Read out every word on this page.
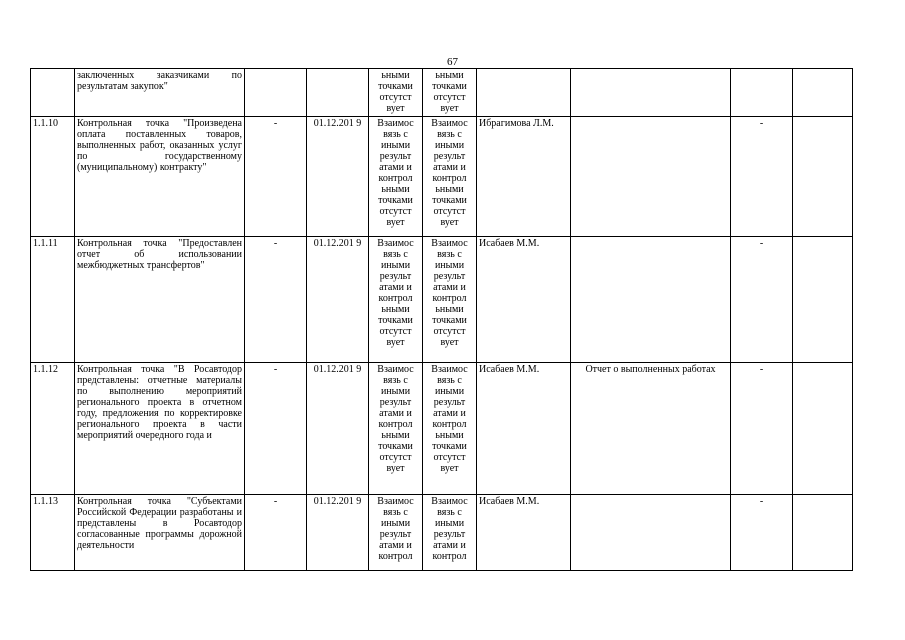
67
	заключенных заказчиками по результатам закупок"			ьными точками отсутст вует	ьными точками отсутст вует				
1.1.10	Контрольная точка "Произведена оплата поставленных товаров, выполненных работ, оказанных услуг по государственному (муниципальному) контракту"	-	01.12.201 9	Взаимос вязь с иными результ атами и контрол ьными точками отсутст вует	Взаимос вязь с иными результ атами и контрол ьными точками отсутст вует	Ибрагимова Л.М.		-	
1.1.11	Контрольная точка "Предоставлен отчет об использовании межбюджетных трансфертов"	-	01.12.201 9	Взаимос вязь с иными результ атами и контрол ьными точками отсутст вует	Взаимос вязь с иными результ атами и контрол ьными точками отсутст вует	Исабаев М.М.		-	
1.1.12	Контрольная точка "В Росавтодор представлены: отчетные материалы по выполнению мероприятий регионального проекта в отчетном году, предложения по корректировке регионального проекта в части мероприятий очередного года и	-	01.12.201 9	Взаимос вязь с иными результ атами и контрол ьными точками отсутст вует	Взаимос вязь с иными результ атами и контрол ьными точками отсутст вует	Исабаев М.М.	Отчет о выполненных работах	-	
1.1.13	Контрольная точка "Субъектами Российской Федерации разработаны и представлены в Росавтодор согласованные программы дорожной деятельности	-	01.12.201 9	Взаимос вязь с иными результ атами и контрол	Взаимос вязь с иными результ атами и контрол	Исабаев М.М.		-	
